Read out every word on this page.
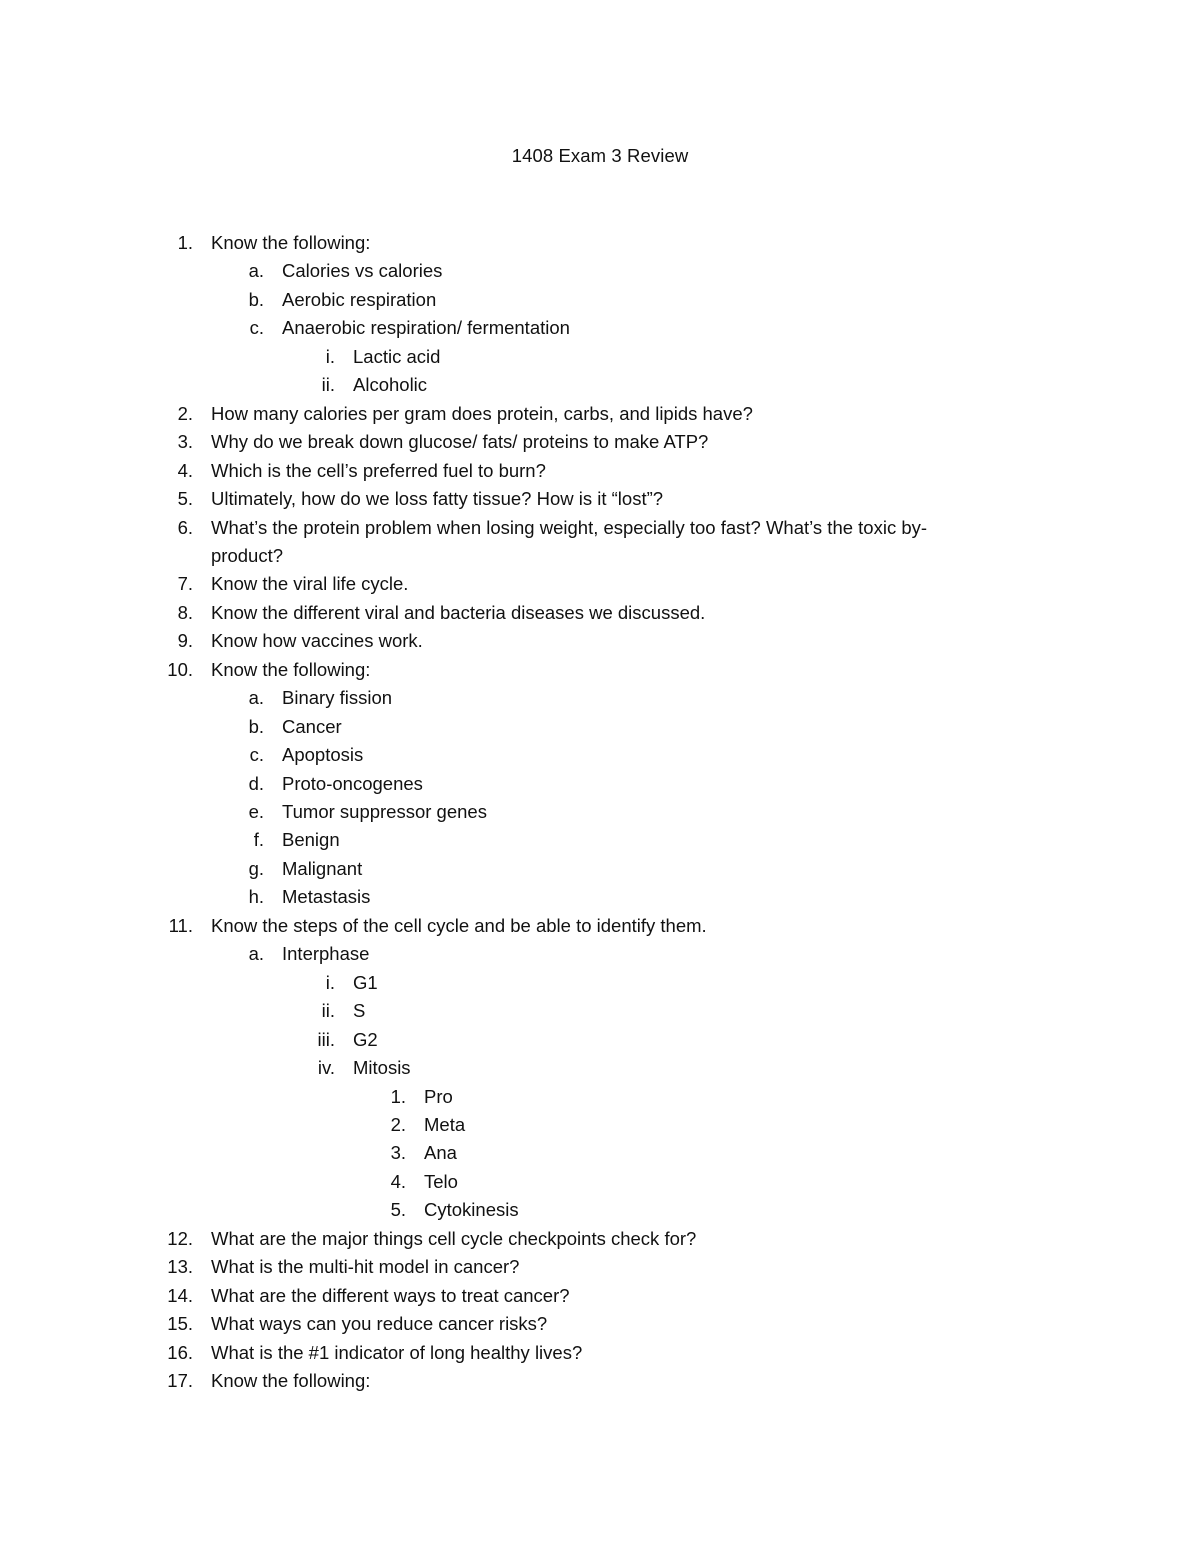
1408 Exam 3 Review
1. Know the following:
a. Calories vs calories
b. Aerobic respiration
c. Anaerobic respiration/ fermentation
i. Lactic acid
ii. Alcoholic
2. How many calories per gram does protein, carbs, and lipids have?
3. Why do we break down glucose/ fats/ proteins to make ATP?
4. Which is the cell’s preferred fuel to burn?
5. Ultimately, how do we loss fatty tissue? How is it “lost”?
6. What’s the protein problem when losing weight, especially too fast? What’s the toxic by-
product?
7. Know the viral life cycle.
8. Know the different viral and bacteria diseases we discussed.
9. Know how vaccines work.
10. Know the following:
a. Binary fission
b. Cancer
c. Apoptosis
d. Proto-oncogenes
e. Tumor suppressor genes
f. Benign
g. Malignant
h. Metastasis
11. Know the steps of the cell cycle and be able to identify them.
a. Interphase
i. G1
ii. S
iii. G2
iv. Mitosis
1. Pro
2. Meta
3. Ana
4. Telo
5. Cytokinesis
12. What are the major things cell cycle checkpoints check for?
13. What is the multi-hit model in cancer?
14. What are the different ways to treat cancer?
15. What ways can you reduce cancer risks?
16. What is the #1 indicator of long healthy lives?
17. Know the following:
